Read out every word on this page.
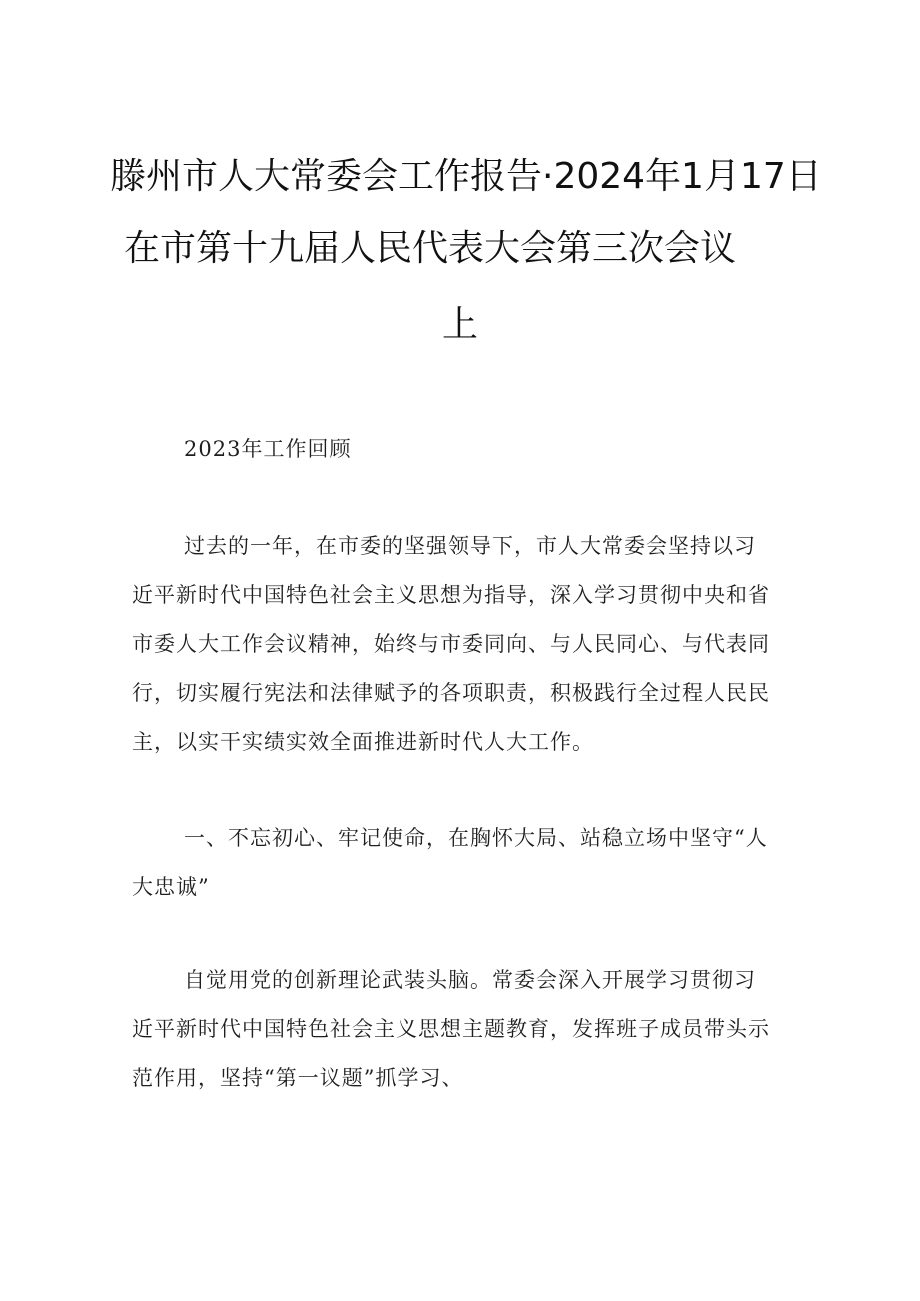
滕州市人大常委会工作报告·2024年1月17日
在市第十九届人民代表大会第三次会议
上
2023年工作回顾
过去的一年，在市委的坚强领导下，市人大常委会坚持以习
近平新时代中国特色社会主义思想为指导，深入学习贯彻中央和省
市委人大工作会议精神，始终与市委同向、与人民同心、与代表同
行，切实履行宪法和法律赋予的各项职责，积极践行全过程人民民
主，以实干实绩实效全面推进新时代人大工作。
一、不忘初心、牢记使命，在胸怀大局、站稳立场中坚守“人
大忠诚”
自觉用党的创新理论武装头脑。常委会深入开展学习贯彻习
近平新时代中国特色社会主义思想主题教育，发挥班子成员带头示
范作用，坚持“第一议题”抓学习、
